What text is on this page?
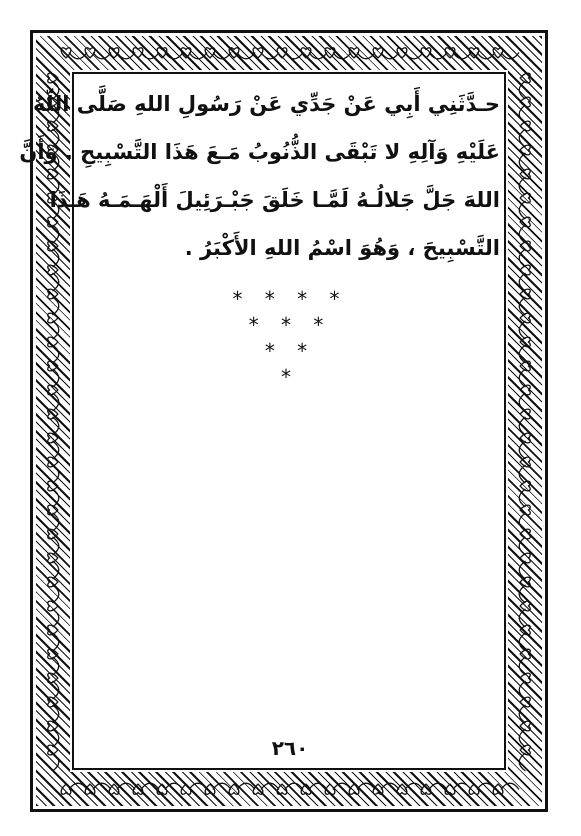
حـدَّثَنِي أَبِي عَنْ جَدِّي عَنْ رَسُولِ اللهِ صَلَّى اللّهُ
عَلَيْهِ وَآلِهِ لا تَبْقَى الذُّنُوبُ مَـعَ هَذَا التَّسْبِيحِ . وَأَنَّ
اللهَ جَلَّ جَلالُـهُ لَمَّـا خَلَقَ جَبْـرَئِيلَ أَلْهَـمَـهُ هَـذَا
التَّسْبِيحَ ، وَهُوَ اسْمُ اللهِ الأَكْبَرُ .
* * * *
* * *
* *
*
٢٦٠
